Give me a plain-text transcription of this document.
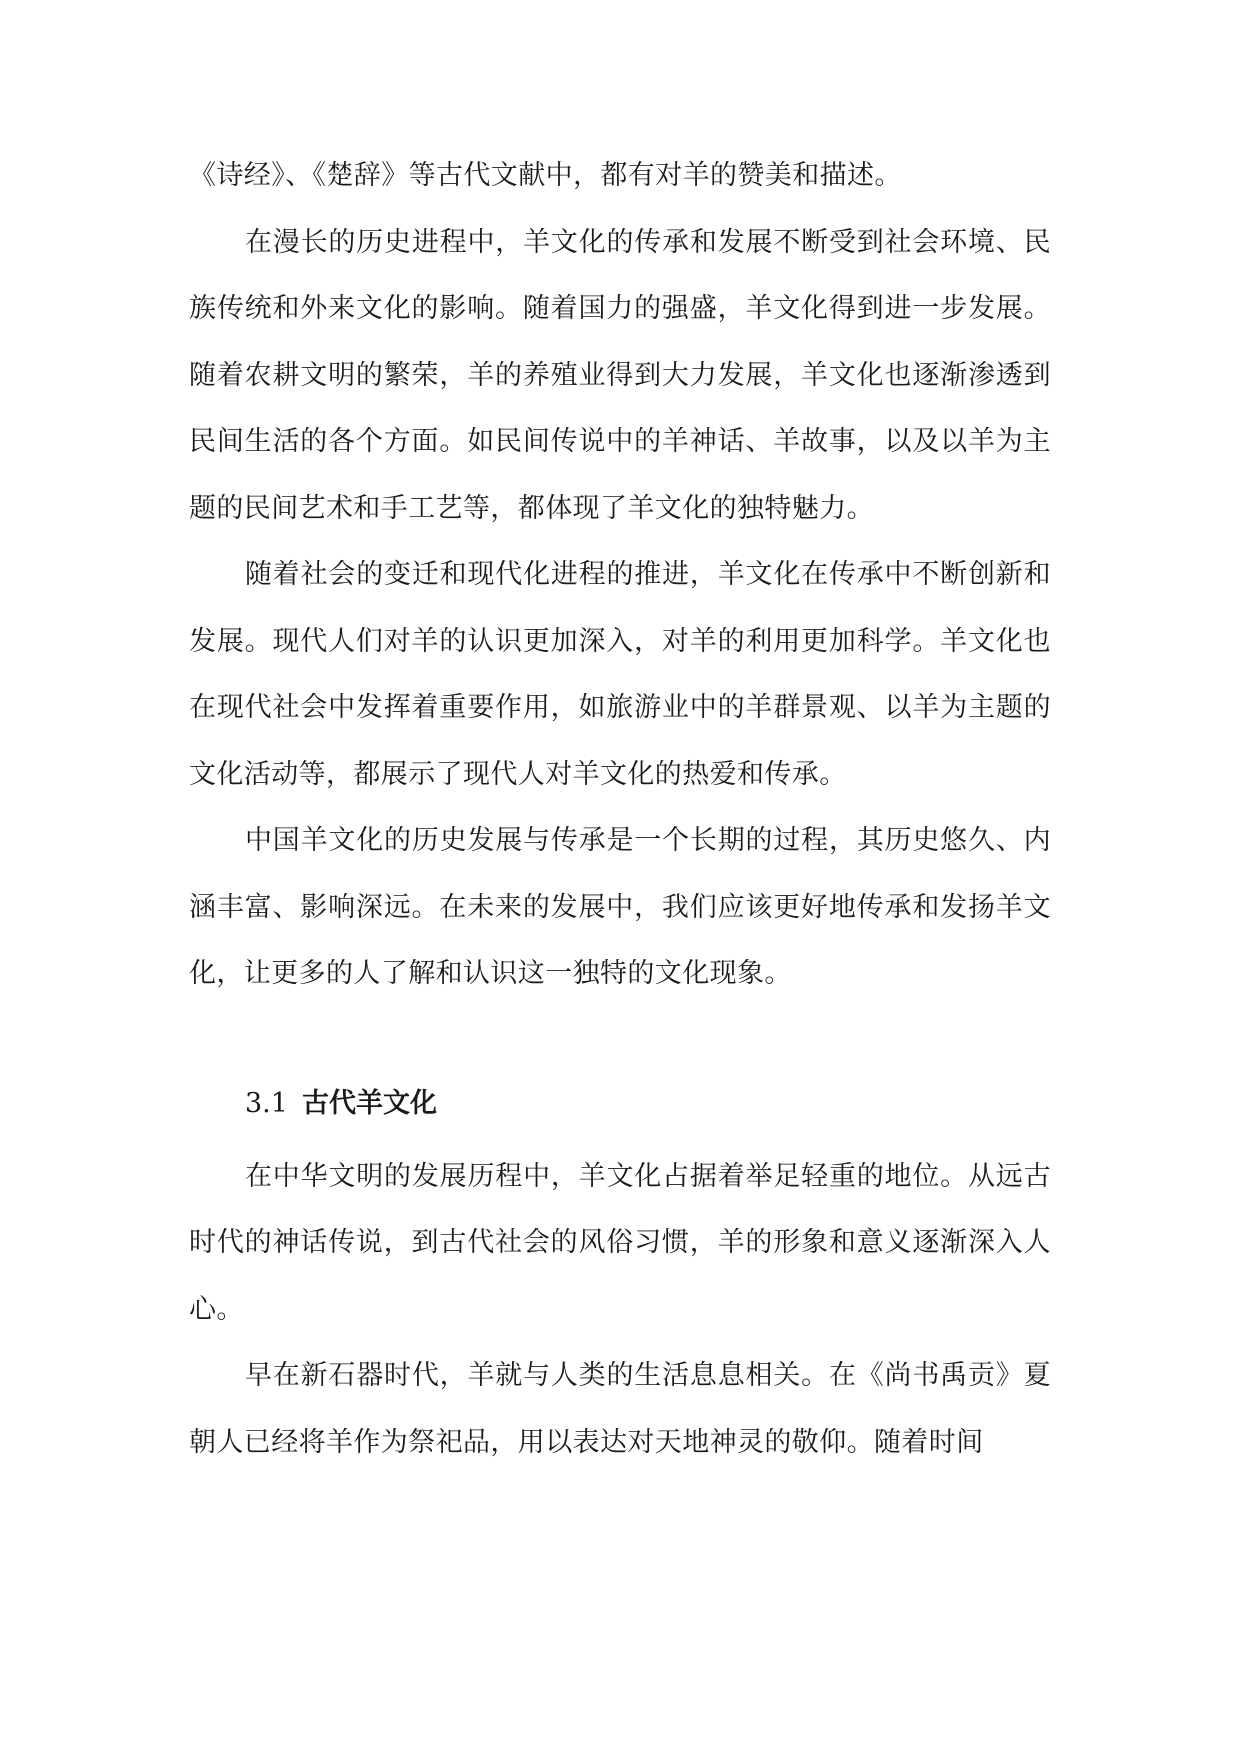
《诗经》、《楚辞》等古代文献中，都有对羊的赞美和描述。

在漫长的历史进程中，羊文化的传承和发展不断受到社会环境、民族传统和外来文化的影响。随着国力的强盛，羊文化得到进一步发展。随着农耕文明的繁荣，羊的养殖业得到大力发展，羊文化也逐渐渗透到民间生活的各个方面。如民间传说中的羊神话、羊故事，以及以羊为主题的民间艺术和手工艺等，都体现了羊文化的独特魅力。

随着社会的变迁和现代化进程的推进，羊文化在传承中不断创新和发展。现代人们对羊的认识更加深入，对羊的利用更加科学。羊文化也在现代社会中发挥着重要作用，如旅游业中的羊群景观、以羊为主题的文化活动等，都展示了现代人对羊文化的热爱和传承。

中国羊文化的历史发展与传承是一个长期的过程，其历史悠久、内涵丰富、影响深远。在未来的发展中，我们应该更好地传承和发扬羊文化，让更多的人了解和认识这一独特的文化现象。

3.1 古代羊文化

在中华文明的发展历程中，羊文化占据着举足轻重的地位。从远古时代的神话传说，到古代社会的风俗习惯，羊的形象和意义逐渐深入人心。

早在新石器时代，羊就与人类的生活息息相关。在《尚书禹贡》夏朝人已经将羊作为祭祀品，用以表达对天地神灵的敬仰。随着时间
